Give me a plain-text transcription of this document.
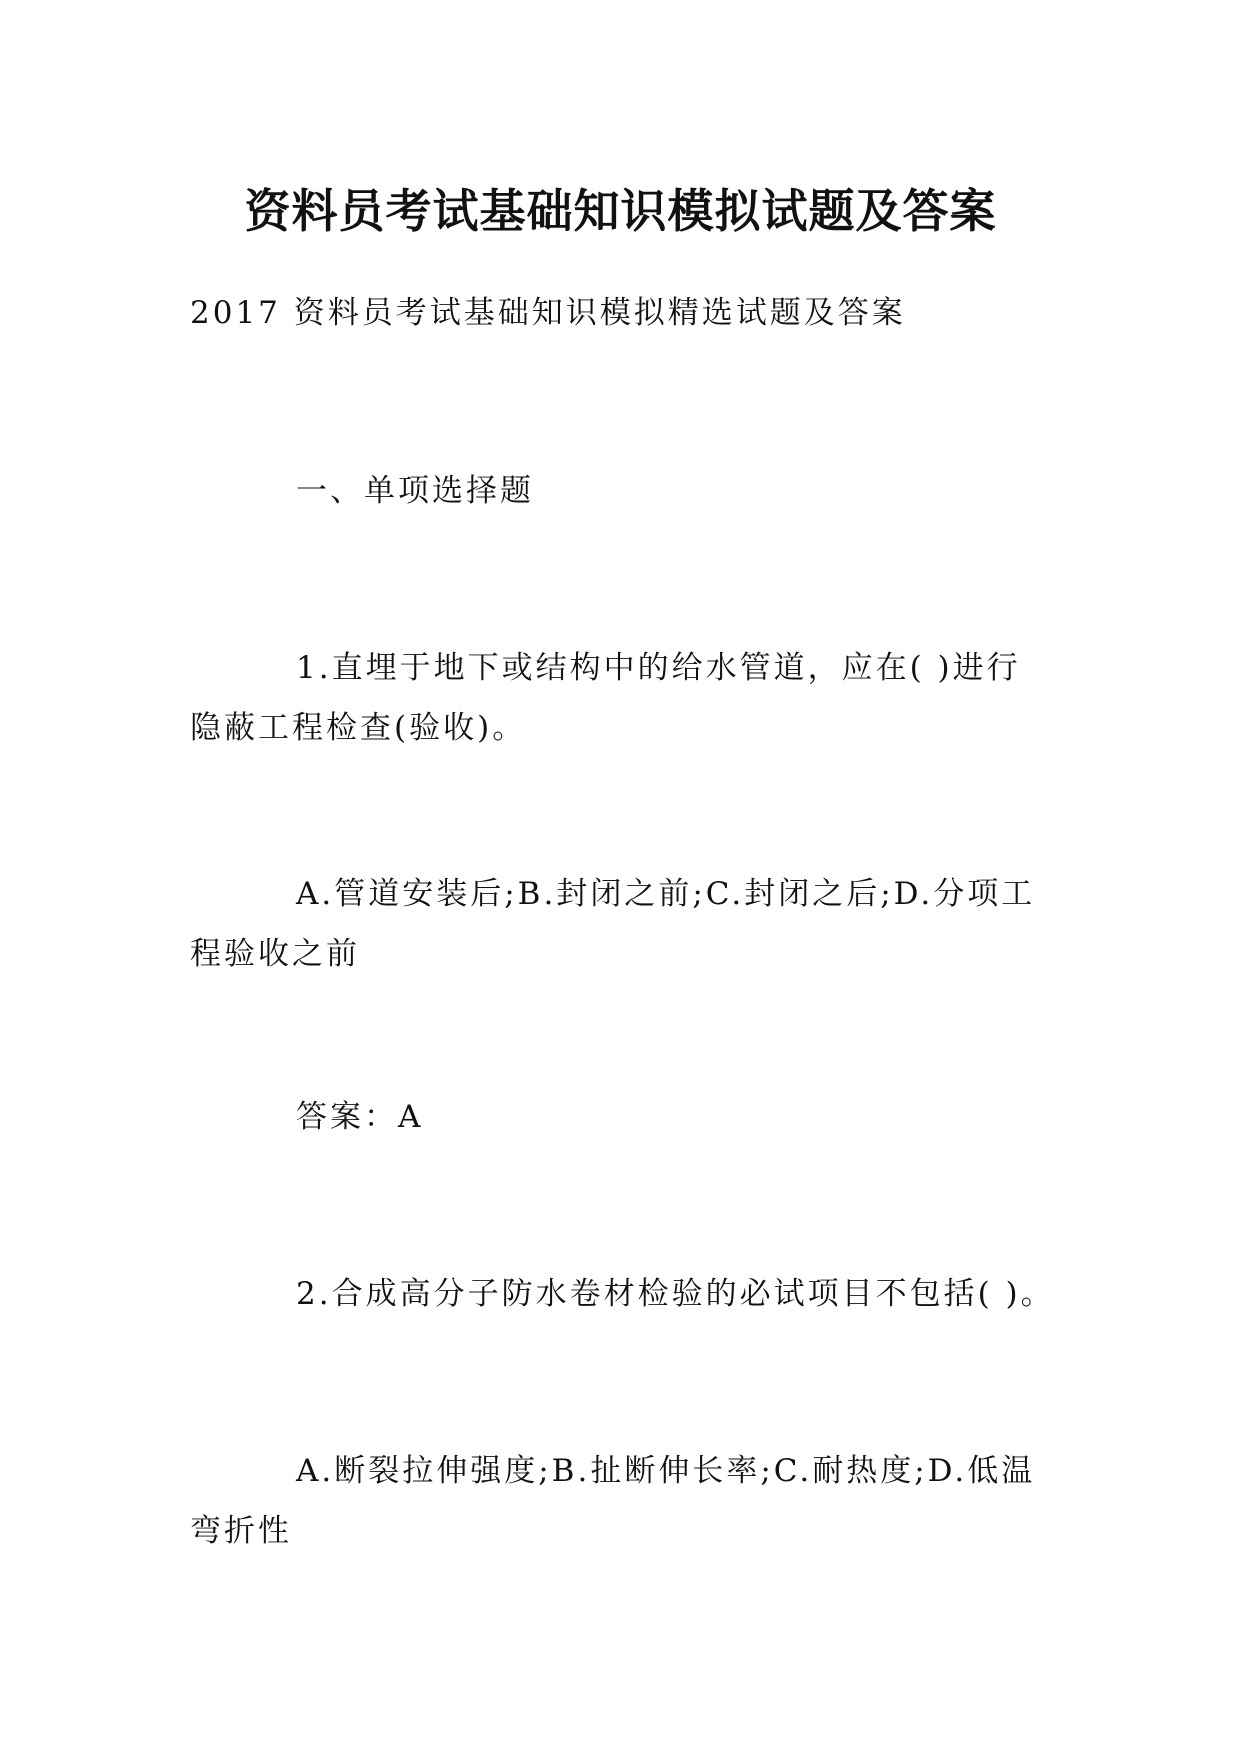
资料员考试基础知识模拟试题及答案

2017 资料员考试基础知识模拟精选试题及答案

一、单项选择题

1.直埋于地下或结构中的给水管道，应在( )进行隐蔽工程检查(验收)。

A.管道安装后;B.封闭之前;C.封闭之后;D.分项工程验收之前

答案：A

2.合成高分子防水卷材检验的必试项目不包括( )。

A.断裂拉伸强度;B.扯断伸长率;C.耐热度;D.低温弯折性
